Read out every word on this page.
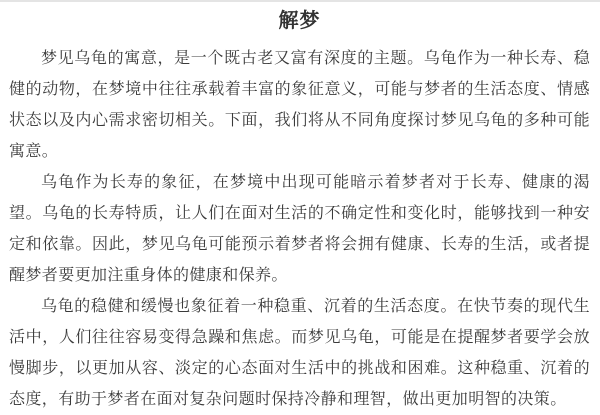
解梦

梦见乌龟的寓意，是一个既古老又富有深度的主题。乌龟作为一种长寿、稳健的动物，在梦境中往往承载着丰富的象征意义，可能与梦者的生活态度、情感状态以及内心需求密切相关。下面，我们将从不同角度探讨梦见乌龟的多种可能寓意。

乌龟作为长寿的象征，在梦境中出现可能暗示着梦者对于长寿、健康的渴望。乌龟的长寿特质，让人们在面对生活的不确定性和变化时，能够找到一种安定和依靠。因此，梦见乌龟可能预示着梦者将会拥有健康、长寿的生活，或者提醒梦者要更加注重身体的健康和保养。

乌龟的稳健和缓慢也象征着一种稳重、沉着的生活态度。在快节奏的现代生活中，人们往往容易变得急躁和焦虑。而梦见乌龟，可能是在提醒梦者要学会放慢脚步，以更加从容、淡定的心态面对生活中的挑战和困难。这种稳重、沉着的态度，有助于梦者在面对复杂问题时保持冷静和理智，做出更加明智的决策。
